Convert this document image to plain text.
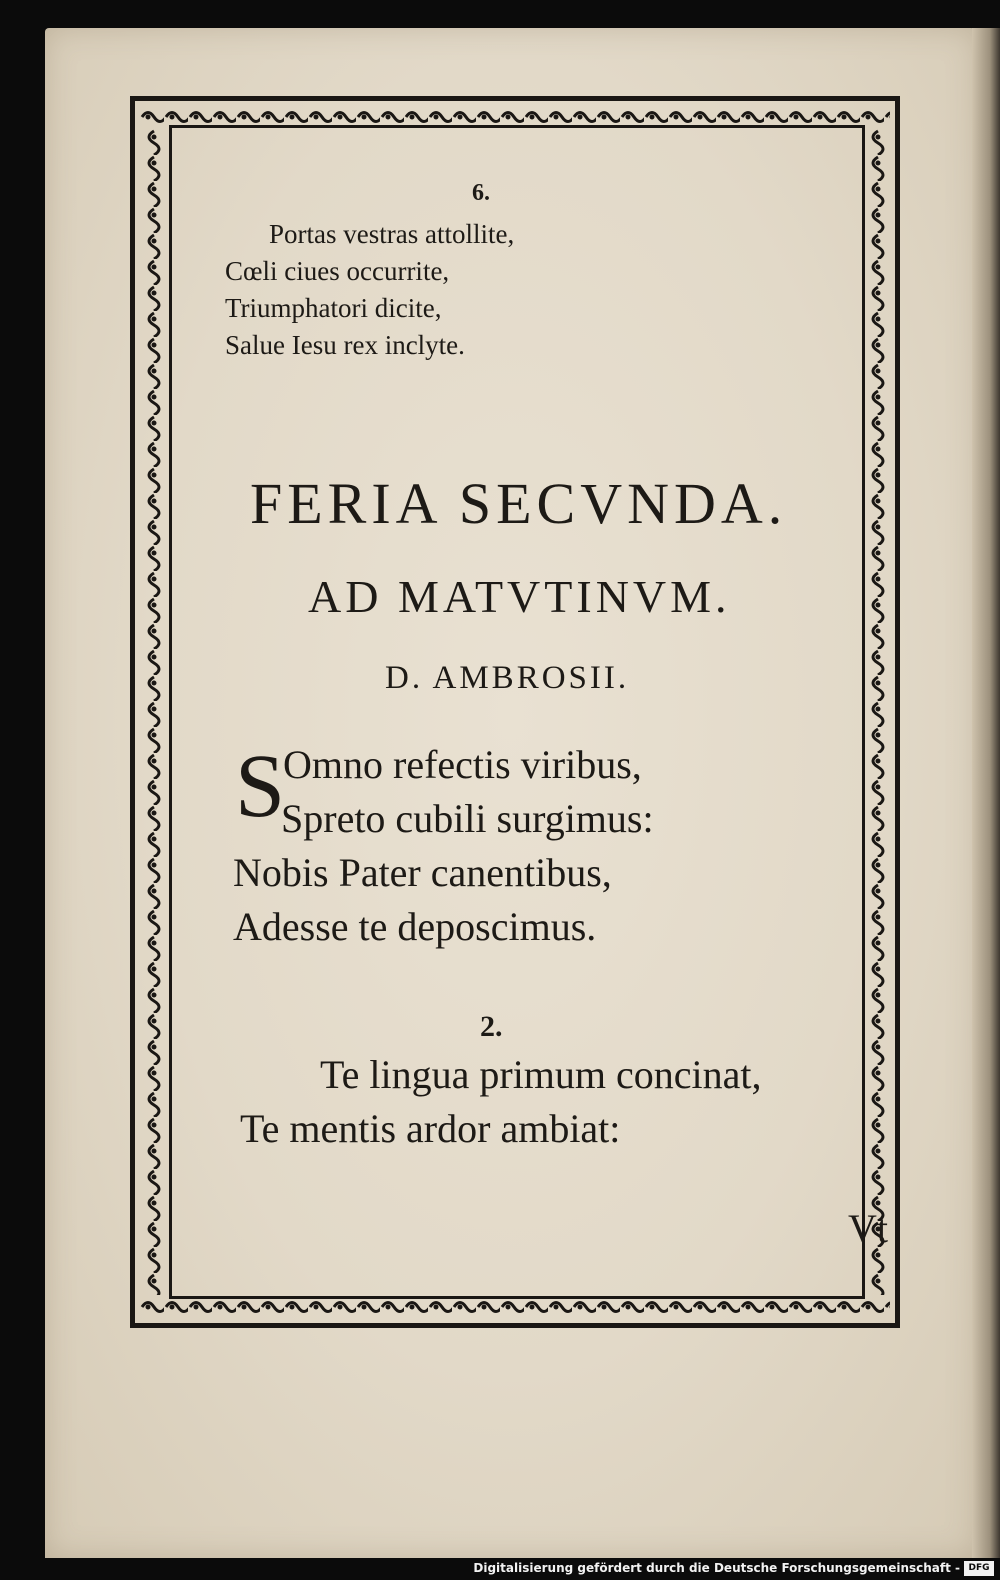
6.
Portas vestras attollite,
Cœli ciues occurrite,
Triumphatori dicite,
Salue Iesu rex inclyte.
FERIA SECVNDA.
AD MATVTINVM.
D. AMBROSII.
S
Omno refectis viribus,
Spreto cubili surgimus:
Nobis Pater canentibus,
Adesse te deposcimus.
2.
Te lingua primum concinat,
Te mentis ardor ambiat:
Vt
Digitalisierung gefördert durch die Deutsche Forschungsgemeinschaft - DFG
